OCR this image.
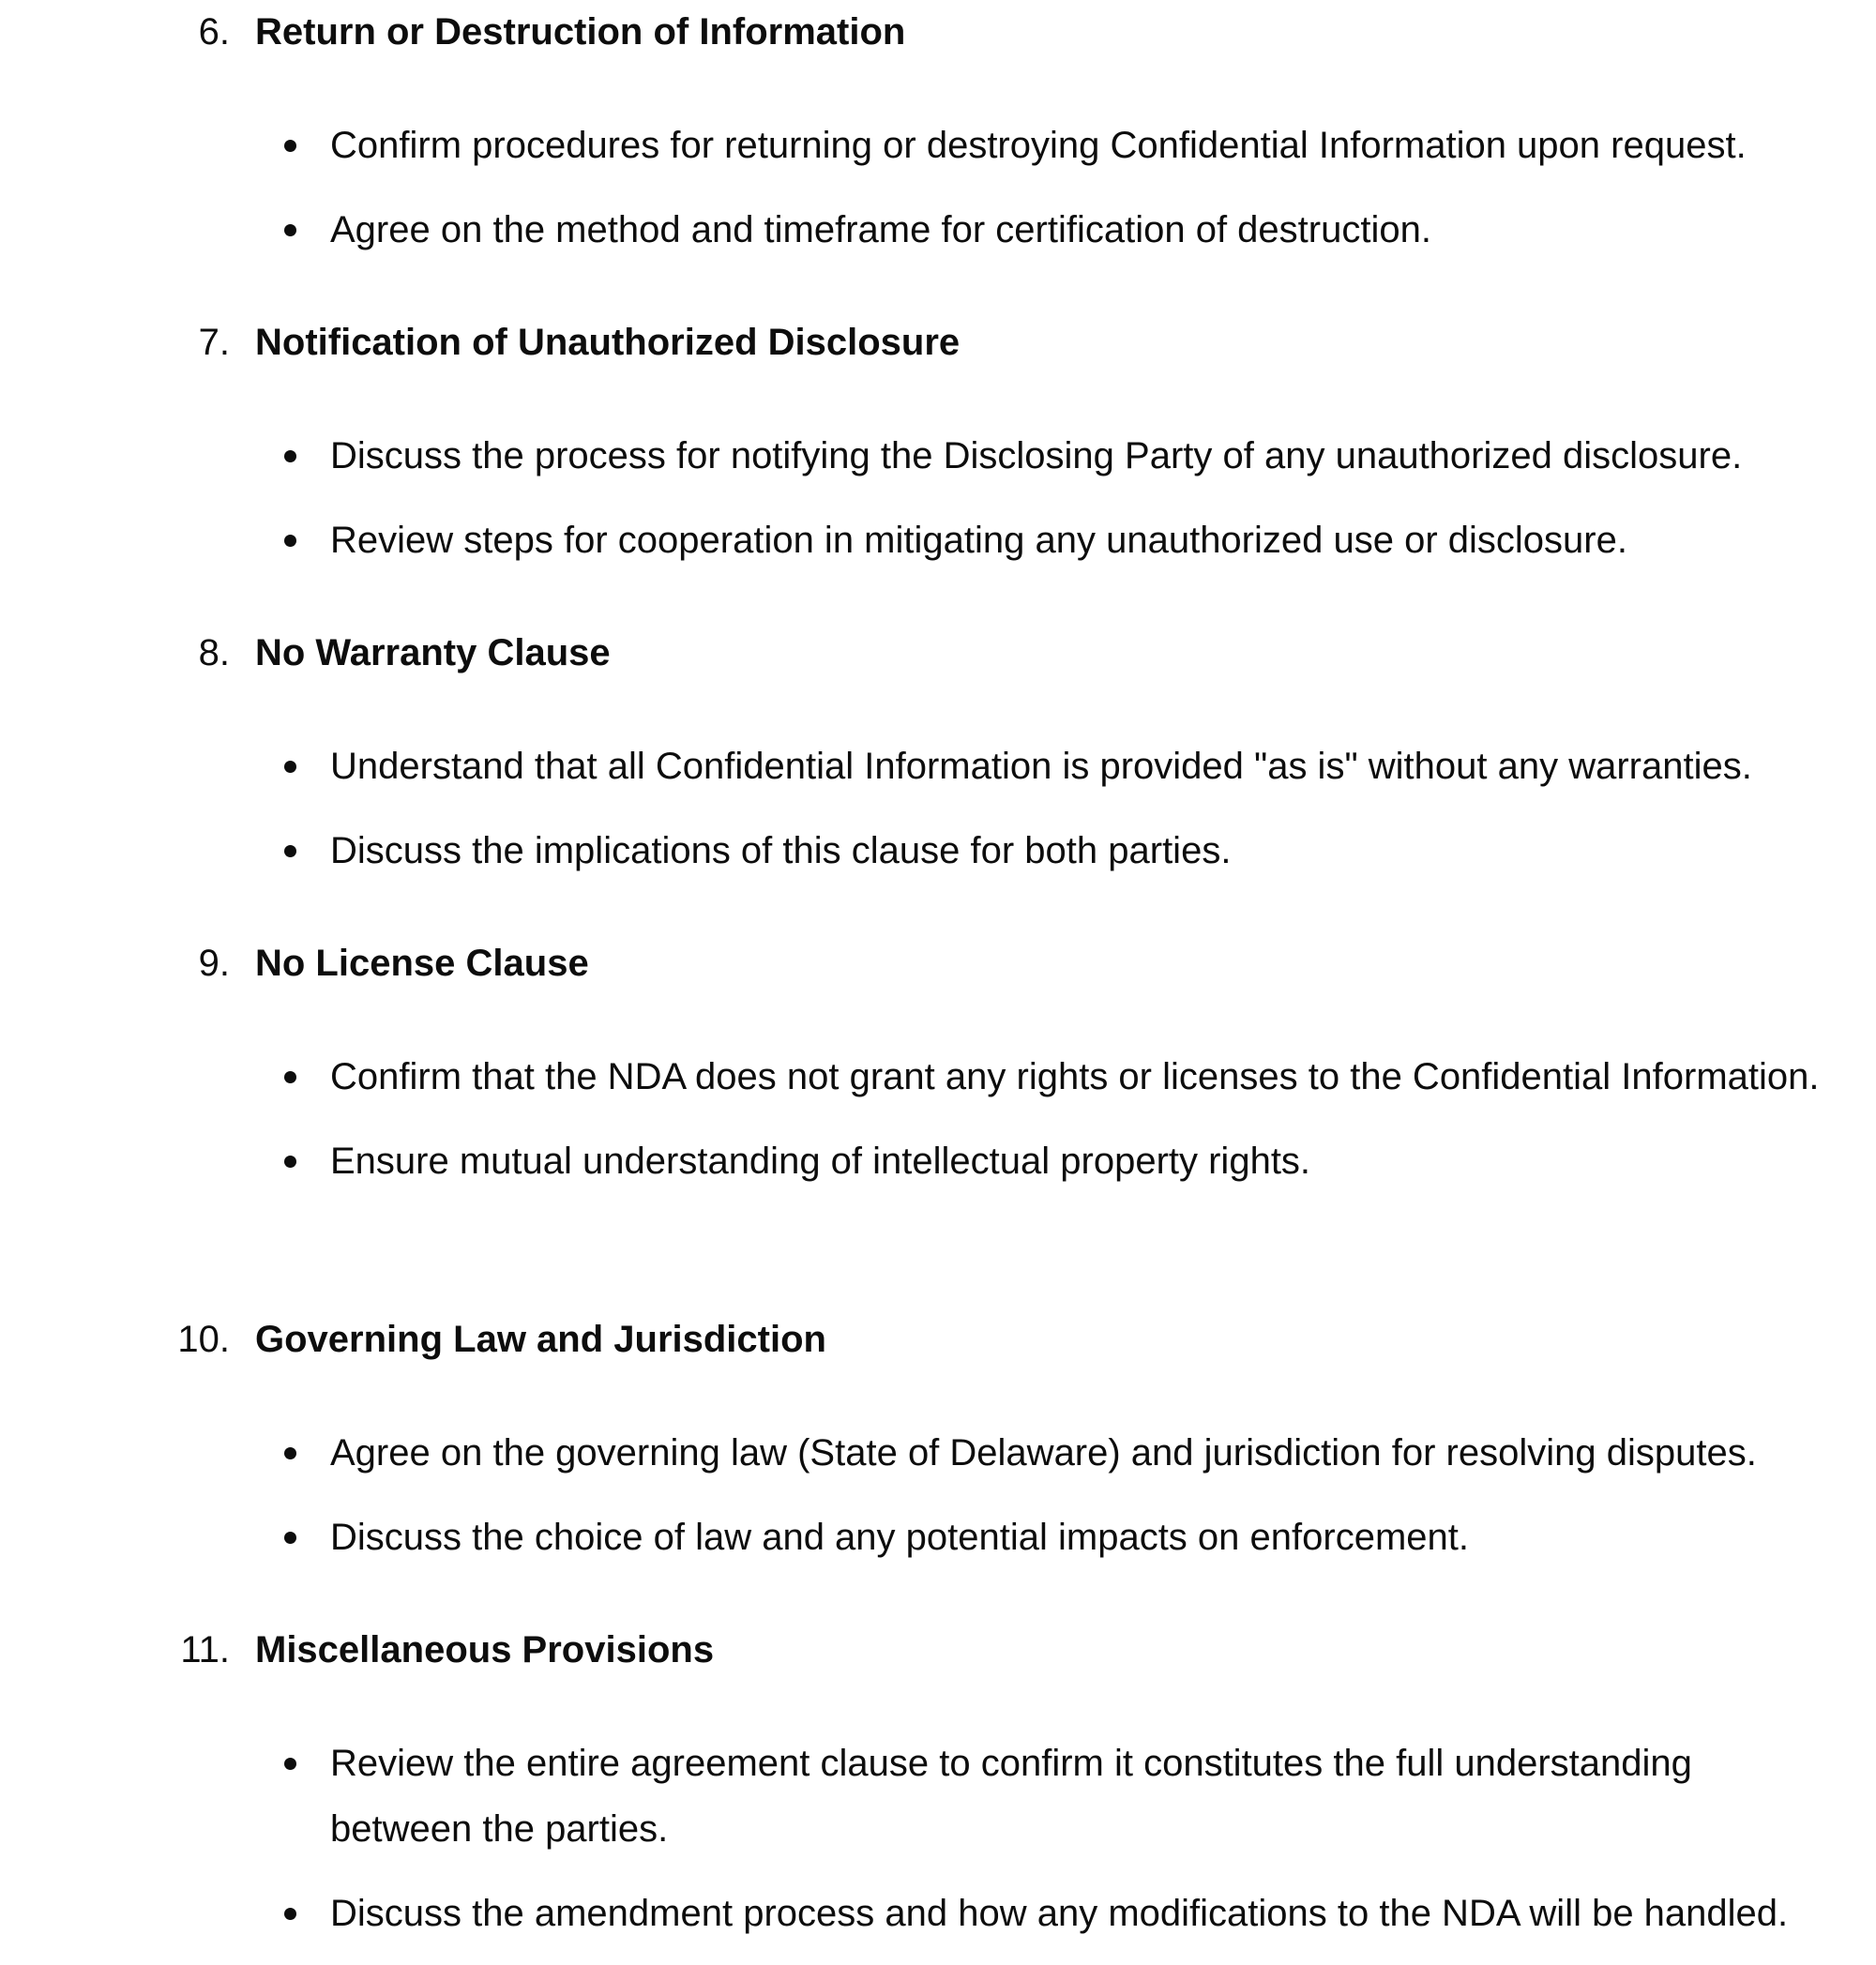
6. Return or Destruction of Information
Confirm procedures for returning or destroying Confidential Information upon request.
Agree on the method and timeframe for certification of destruction.
7. Notification of Unauthorized Disclosure
Discuss the process for notifying the Disclosing Party of any unauthorized disclosure.
Review steps for cooperation in mitigating any unauthorized use or disclosure.
8. No Warranty Clause
Understand that all Confidential Information is provided "as is" without any warranties.
Discuss the implications of this clause for both parties.
9. No License Clause
Confirm that the NDA does not grant any rights or licenses to the Confidential Information.
Ensure mutual understanding of intellectual property rights.
10. Governing Law and Jurisdiction
Agree on the governing law (State of Delaware) and jurisdiction for resolving disputes.
Discuss the choice of law and any potential impacts on enforcement.
11. Miscellaneous Provisions
Review the entire agreement clause to confirm it constitutes the full understanding between the parties.
Discuss the amendment process and how any modifications to the NDA will be handled.
